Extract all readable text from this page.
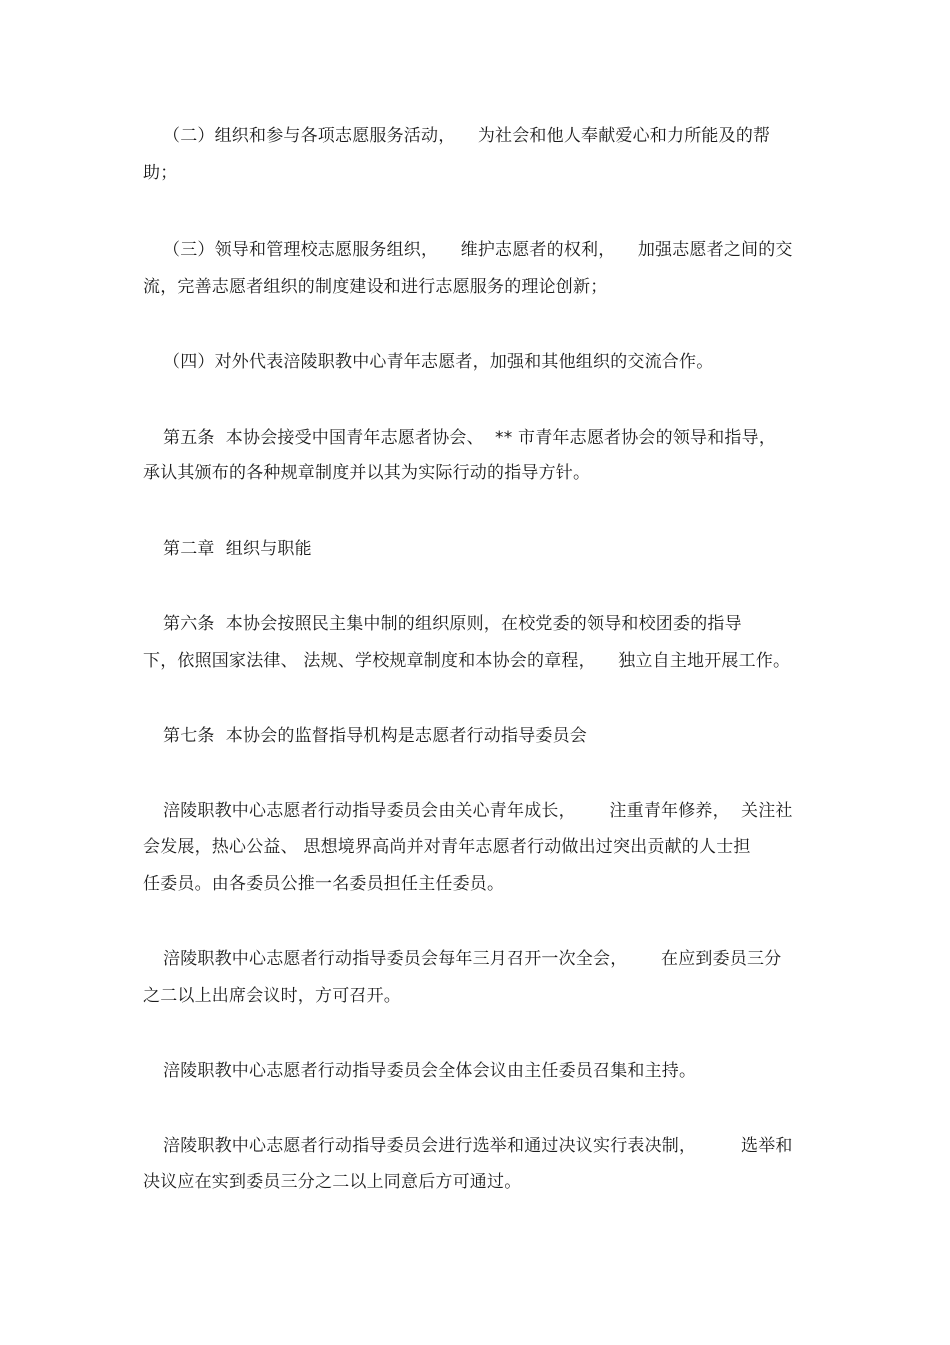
（二）组织和参与各项志愿服务活动，    为社会和他人奉献爱心和力所能及的帮
助；
（三）领导和管理校志愿服务组织，    维护志愿者的权利，    加强志愿者之间的交
流，完善志愿者组织的制度建设和进行志愿服务的理论创新；
（四）对外代表涪陵职教中心青年志愿者，加强和其他组织的交流合作。
第五条  本协会接受中国青年志愿者协会、  ** 市青年志愿者协会的领导和指导，
承认其颁布的各种规章制度并以其为实际行动的指导方针。
第二章  组织与职能
第六条  本协会按照民主集中制的组织原则，在校党委的领导和校团委的指导
下，依照国家法律、 法规、学校规章制度和本协会的章程，    独立自主地开展工作。
第七条  本协会的监督指导机构是志愿者行动指导委员会
涪陵职教中心志愿者行动指导委员会由关心青年成长，      注重青年修养，  关注社
会发展，热心公益、 思想境界高尚并对青年志愿者行动做出过突出贡献的人士担
任委员。由各委员公推一名委员担任主任委员。
涪陵职教中心志愿者行动指导委员会每年三月召开一次全会，      在应到委员三分
之二以上出席会议时，方可召开。
涪陵职教中心志愿者行动指导委员会全体会议由主任委员召集和主持。
涪陵职教中心志愿者行动指导委员会进行选举和通过决议实行表决制，        选举和
决议应在实到委员三分之二以上同意后方可通过。
